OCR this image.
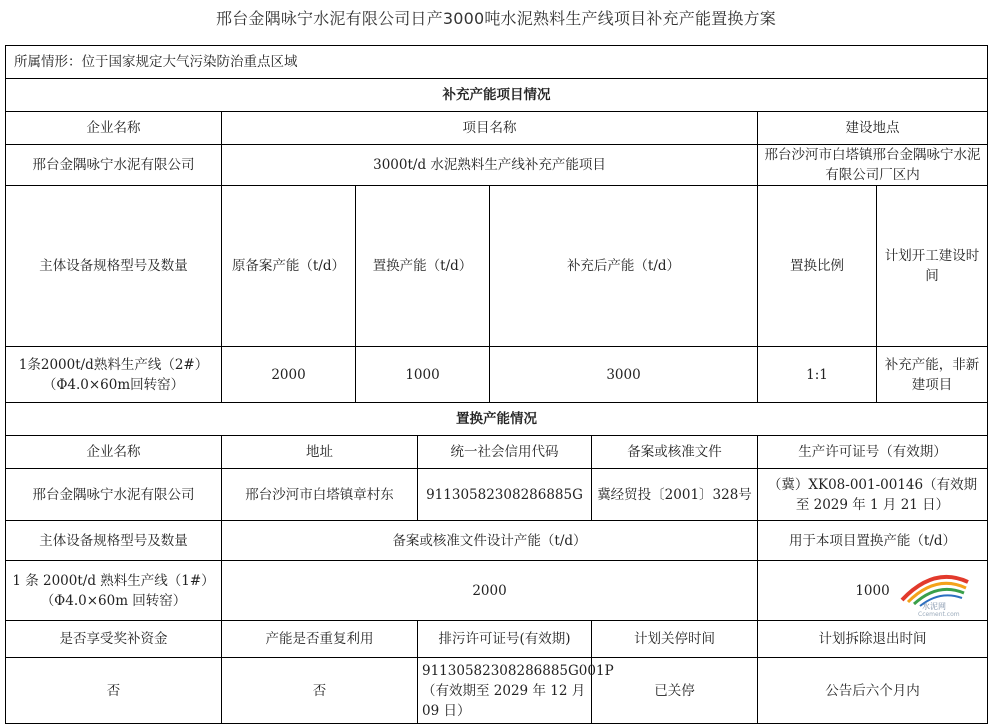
邢台金隅咏宁水泥有限公司日产3000吨水泥熟料生产线项目补充产能置换方案
所属情形：位于国家规定大气污染防治重点区域								
补充产能项目情况								
企业名称	项目名称					建设地点		
邢台金隅咏宁水泥有限公司	3000t/d 水泥熟料生产线补充产能项目					邢台沙河市白塔镇邢台金隅咏宁水泥有限公司厂区内		
主体设备规格型号及数量	原备案产能（t/d）	置换产能（t/d）		补充后产能（t/d）		置换比例	计划开工建设时间	
1条2000t/d熟料生产线（2#）（Φ4.0×60m回转窑）	2000	1000		3000		1:1	补充产能，非新建项目	
置换产能情况								
企业名称	地址		统一社会信用代码		备案或核准文件	生产许可证号（有效期）		
邢台金隅咏宁水泥有限公司	邢台沙河市白塔镇章村东		91130582308286885G		冀经贸投〔2001〕328号	（冀）XK08-001-00146（有效期至 2029 年 1 月 21 日）		
主体设备规格型号及数量	备案或核准文件设计产能（t/d）					用于本项目置换产能（t/d）		
1 条 2000t/d 熟料生产线（1#）（Φ4.0×60m 回转窑）	2000					1000		
是否享受奖补资金	产能是否重复利用		排污许可证号(有效期)		计划关停时间	计划拆除退出时间		
否	否		91130582308286885G001P （有效期至 2029 年 12 月 09 日）		已关停	公告后六个月内		
水泥网
Ccement.com
